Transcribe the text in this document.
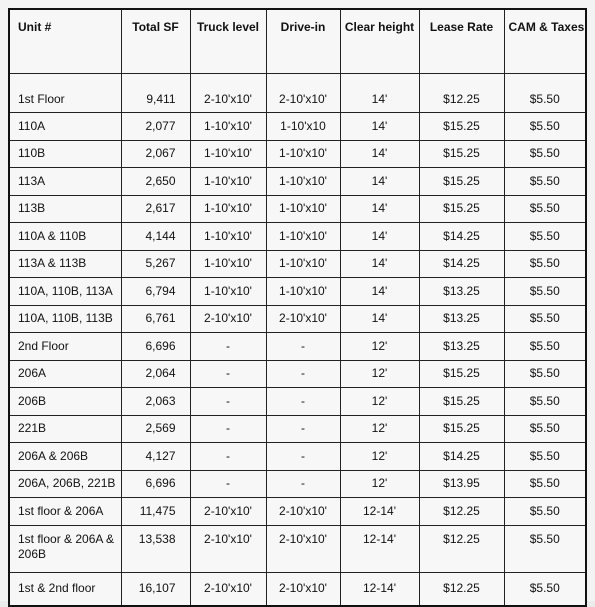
Unit #	Total SF	Truck level	Drive-in	Clear height	Lease Rate	CAM & Taxes
1st Floor	9,411	2-10'x10'	2-10'x10'	14'	$12.25	$5.50
110A	2,077	1-10'x10'	1-10'x10	14'	$15.25	$5.50
110B	2,067	1-10'x10'	1-10'x10'	14'	$15.25	$5.50
113A	2,650	1-10'x10'	1-10'x10'	14'	$15.25	$5.50
113B	2,617	1-10'x10'	1-10'x10'	14'	$15.25	$5.50
110A & 110B	4,144	1-10'x10'	1-10'x10'	14'	$14.25	$5.50
113A & 113B	5,267	1-10'x10'	1-10'x10'	14'	$14.25	$5.50
110A, 110B, 113A	6,794	1-10'x10'	1-10'x10'	14'	$13.25	$5.50
110A, 110B, 113B	6,761	2-10'x10'	2-10'x10'	14'	$13.25	$5.50
2nd Floor	6,696	-	-	12'	$13.25	$5.50
206A	2,064	-	-	12'	$15.25	$5.50
206B	2,063	-	-	12'	$15.25	$5.50
221B	2,569	-	-	12'	$15.25	$5.50
206A & 206B	4,127	-	-	12'	$14.25	$5.50
206A, 206B, 221B	6,696	-	-	12'	$13.95	$5.50
1st floor & 206A	11,475	2-10'x10'	2-10'x10'	12-14'	$12.25	$5.50
1st floor & 206A & 206B	13,538	2-10'x10'	2-10'x10'	12-14'	$12.25	$5.50
1st & 2nd floor	16,107	2-10'x10'	2-10'x10'	12-14'	$12.25	$5.50
